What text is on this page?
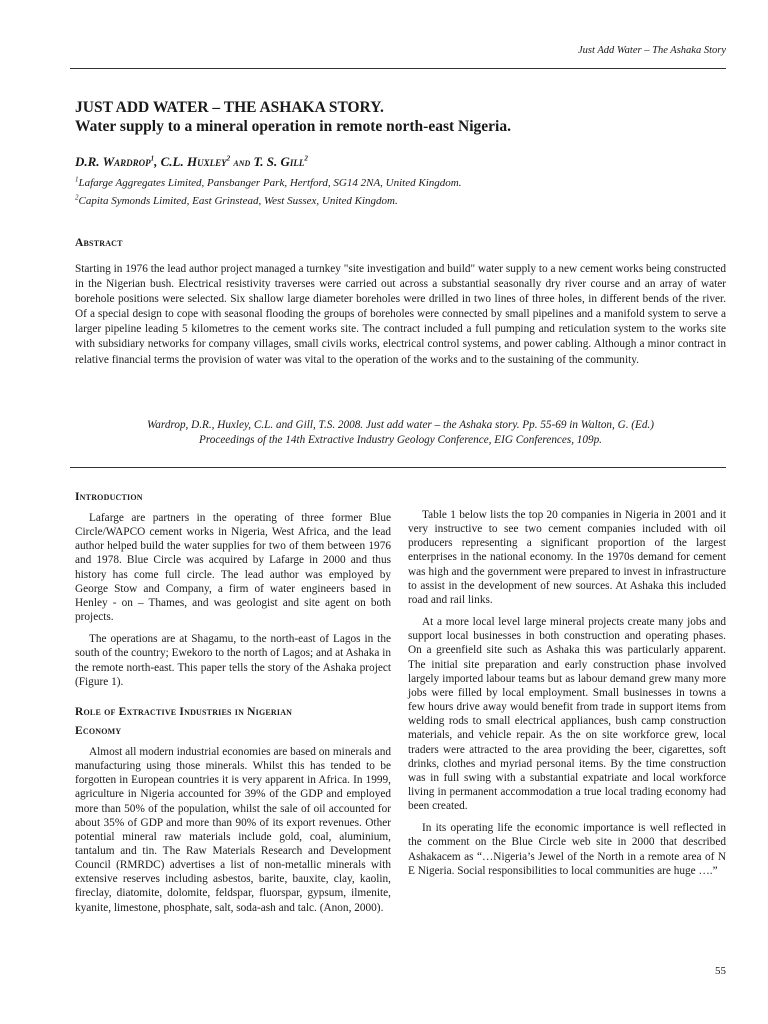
Just Add Water – The Ashaka Story
JUST ADD WATER – THE ASHAKA STORY.
Water supply to a mineral operation in remote north-east Nigeria.
D.R. Wardrop$^1$, C.L. Huxley$^2$ and T. S. Gill$^2$
$^1$Lafarge Aggregates Limited, Pansbanger Park, Hertford, SG14 2NA, United Kingdom.
$^2$Capita Symonds Limited, East Grinstead, West Sussex, United Kingdom.
Abstract

Starting in 1976 the lead author project managed a turnkey "site investigation and build" water supply to a new cement works being constructed in the Nigerian bush. Electrical resistivity traverses were carried out across a substantial seasonally dry river course and an array of water borehole positions were selected. Six shallow large diameter boreholes were drilled in two lines of three holes, in different bends of the river. Of a special design to cope with seasonal flooding the groups of boreholes were connected by small pipelines and a manifold system to serve a larger pipeline leading 5 kilometres to the cement works site. The contract included a full pumping and reticulation system to the works site with subsidiary networks for company villages, small civils works, electrical control systems, and power cabling. Although a minor contract in relative financial terms the provision of water was vital to the operation of the works and to the sustaining of the community.

Wardrop, D.R., Huxley, C.L. and Gill, T.S. 2008. Just add water – the Ashaka story. Pp. 55-69 in Walton, G. (Ed.)
Proceedings of the 14th Extractive Industry Geology Conference, EIG Conferences, 109p.
Introduction

Lafarge are partners in the operating of three former Blue Circle/WAPCO cement works in Nigeria, West Africa, and the lead author helped build the water supplies for two of them between 1976 and 1978. Blue Circle was acquired by Lafarge in 2000 and thus history has come full circle. The lead author was employed by George Stow and Company, a firm of water engineers based in Henley - on – Thames, and was geologist and site agent on both projects.

The operations are at Shagamu, to the north-east of Lagos in the south of the country; Ewekoro to the north of Lagos; and at Ashaka in the remote north-east. This paper tells the story of the Ashaka project (Figure 1).

Role of Extractive Industries in Nigerian
Economy

Almost all modern industrial economies are based on minerals and manufacturing using those minerals. Whilst this has tended to be forgotten in European countries it is very apparent in Africa. In 1999, agriculture in Nigeria accounted for 39% of the GDP and employed more than 50% of the population, whilst the sale of oil accounted for about 35% of GDP and more than 90% of its export revenues. Other potential mineral raw materials include gold, coal, aluminium, tantalum and tin. The Raw Materials Research and Development Council (RMRDC) advertises a list of non-metallic minerals with extensive reserves including asbestos, barite, bauxite, clay, kaolin, fireclay, diatomite, dolomite, feldspar, fluorspar, gypsum, ilmenite, kyanite, limestone, phosphate, salt, soda-ash and talc. (Anon, 2000).

Table 1 below lists the top 20 companies in Nigeria in 2001 and it very instructive to see two cement companies included with oil producers representing a significant proportion of the largest enterprises in the national economy. In the 1970s demand for cement was high and the government were prepared to invest in infrastructure to assist in the development of new sources. At Ashaka this included road and rail links.

At a more local level large mineral projects create many jobs and support local businesses in both construction and operating phases. On a greenfield site such as Ashaka this was particularly apparent. The initial site preparation and early construction phase involved largely imported labour teams but as labour demand grew many more jobs were filled by local employment. Small businesses in towns a few hours drive away would benefit from trade in support items from welding rods to small electrical appliances, bush camp construction materials, and vehicle repair. As the on site workforce grew, local traders were attracted to the area providing the beer, cigarettes, soft drinks, clothes and myriad personal items. By the time construction was in full swing with a substantial expatriate and local workforce living in permanent accommodation a true local trading economy had been created.

In its operating life the economic importance is well reflected in the comment on the Blue Circle web site in 2000 that described Ashakacem as “…Nigeria’s Jewel of the North in a remote area of N E Nigeria. Social responsibilities to local communities are huge ….”

55
